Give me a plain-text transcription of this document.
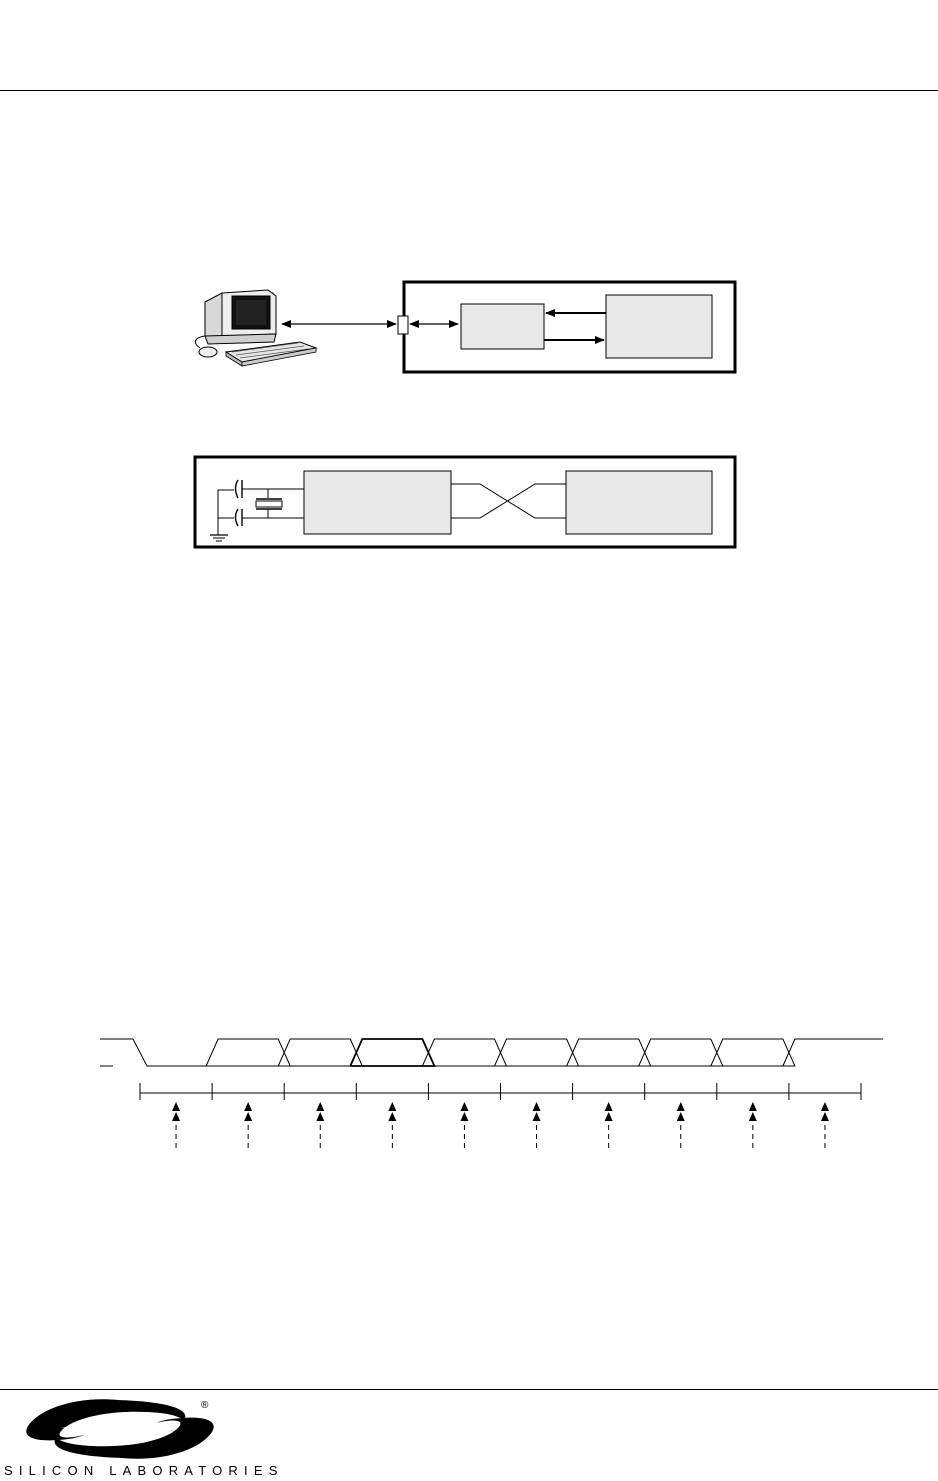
®
SILICON LABORATORIES
